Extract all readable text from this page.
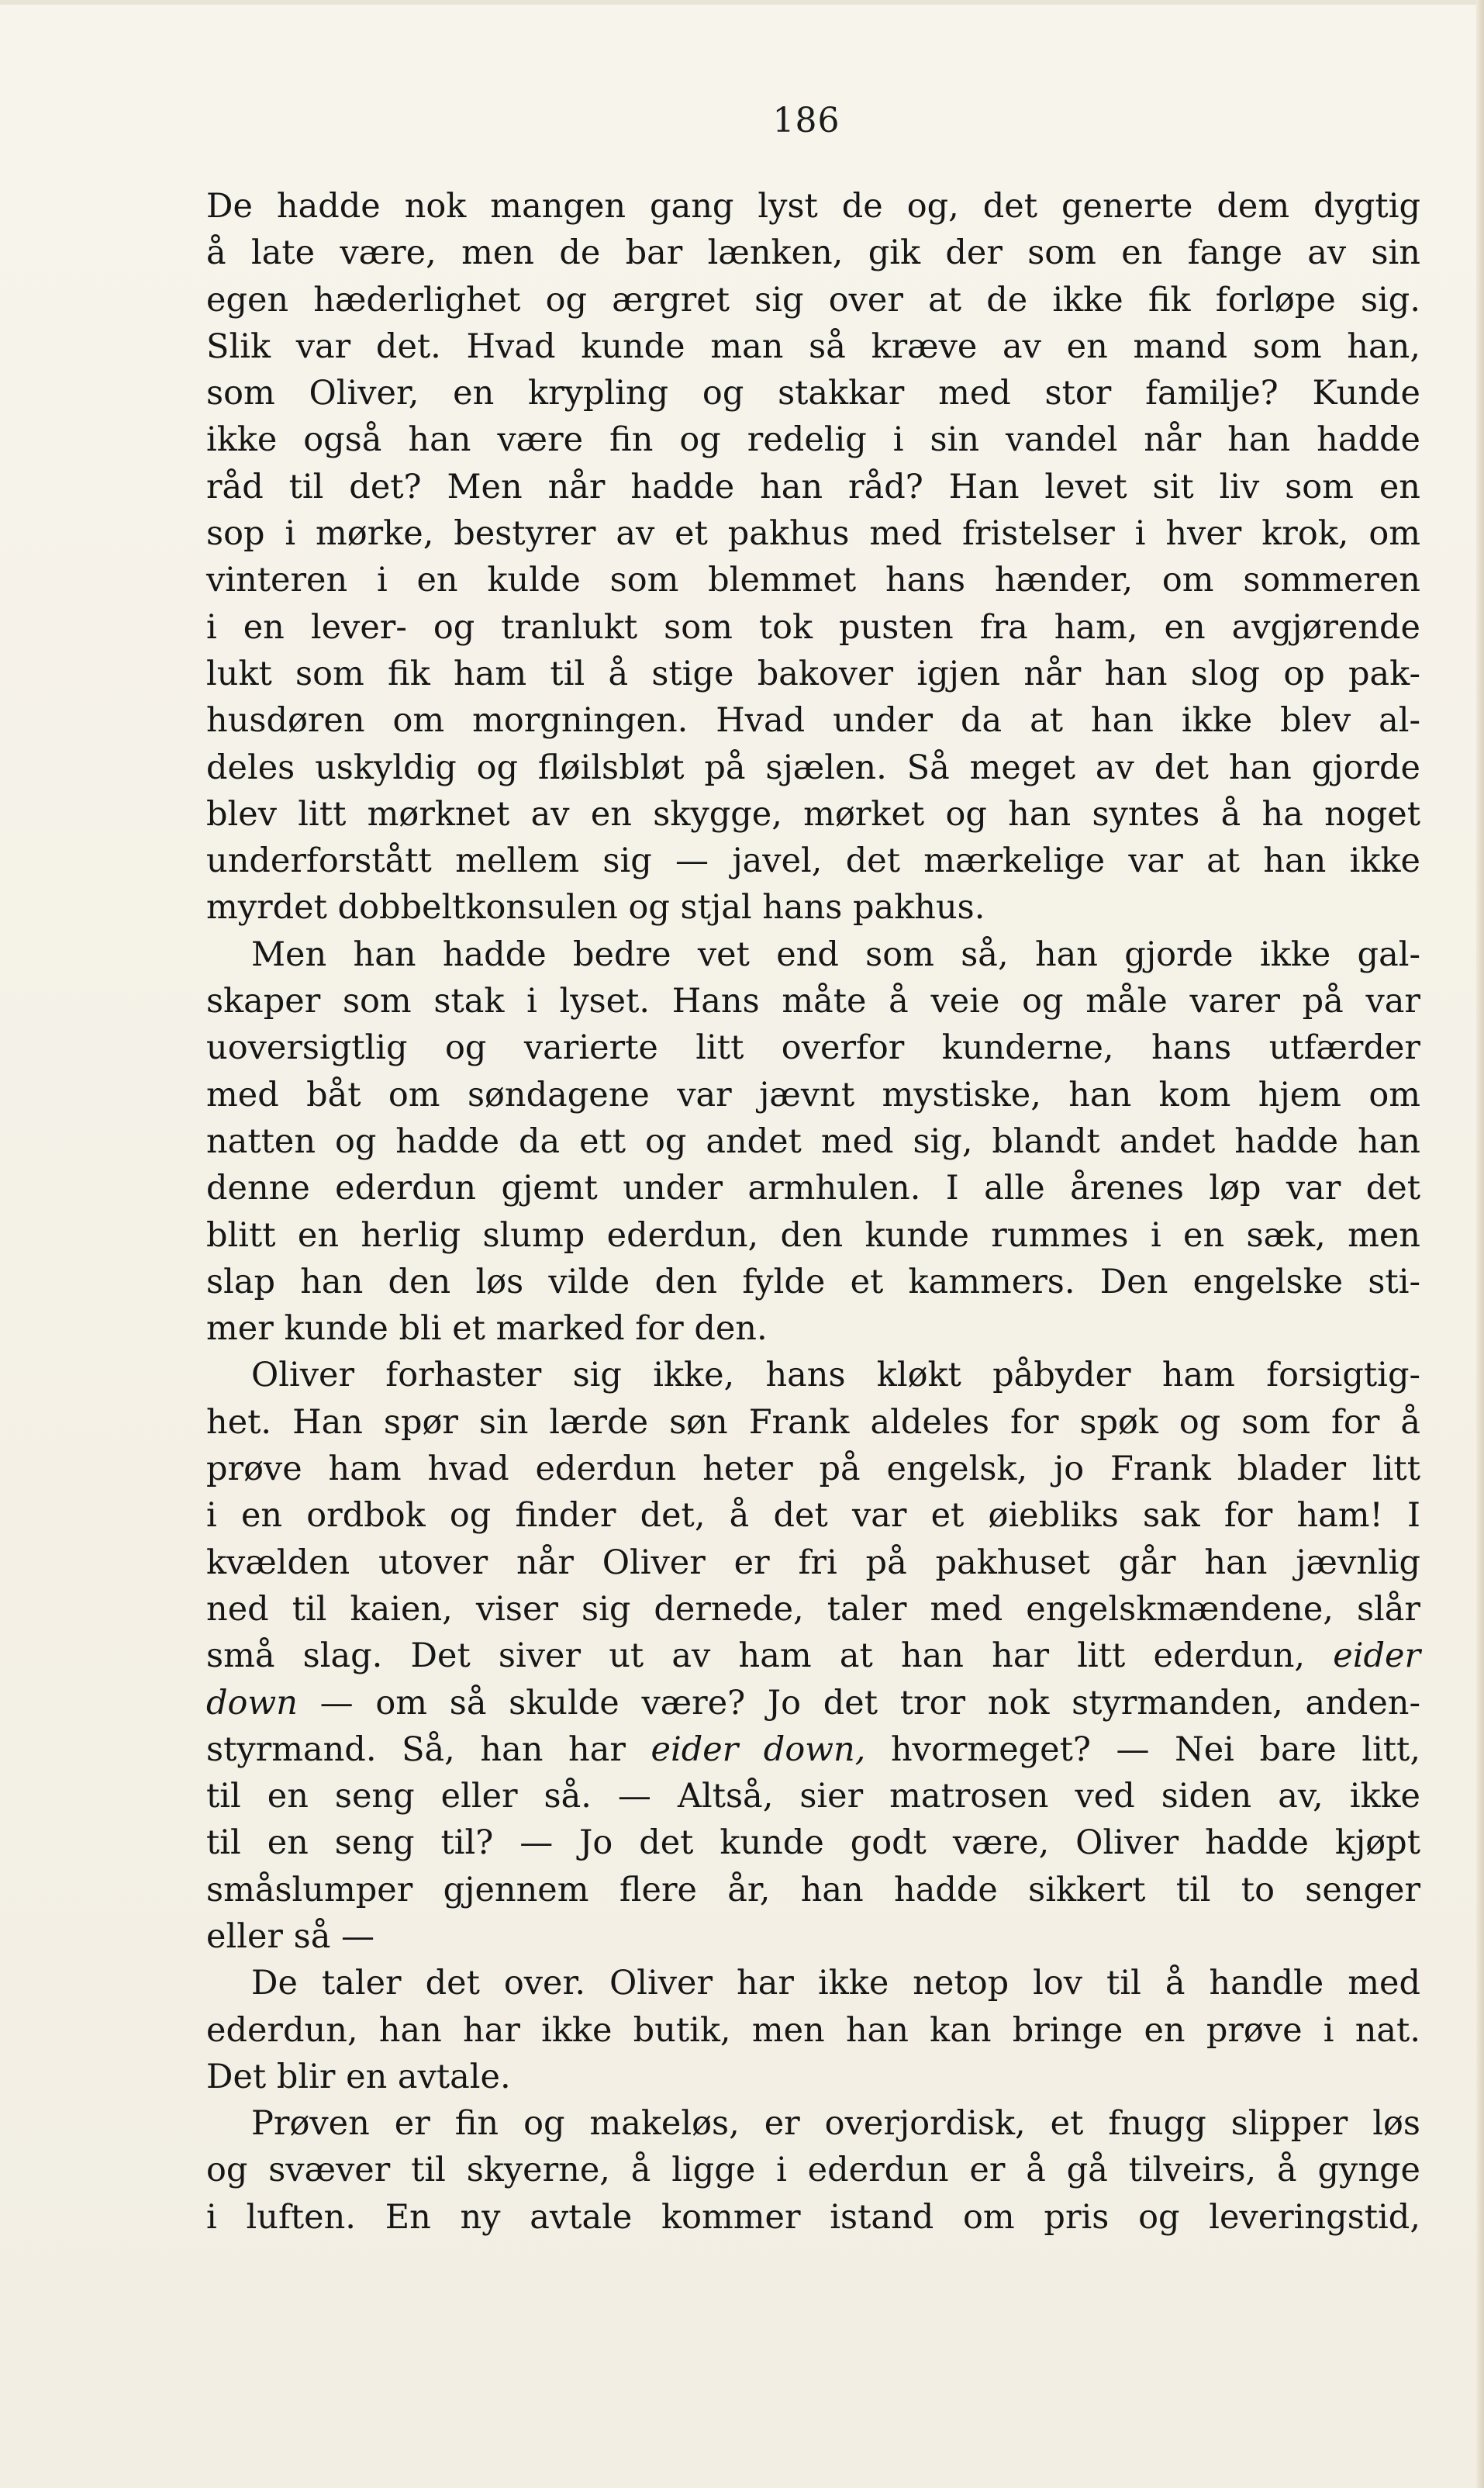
186
De hadde nok mangen gang lyst de og, det generte dem dygtig
å late være, men de bar lænken, gik der som en fange av sin
egen hæderlighet og ærgret sig over at de ikke fik forløpe sig.
Slik var det. Hvad kunde man så kræve av en mand som han,
som Oliver, en krypling og stakkar med stor familje? Kunde
ikke også han være fin og redelig i sin vandel når han hadde
råd til det? Men når hadde han råd? Han levet sit liv som en
sop i mørke, bestyrer av et pakhus med fristelser i hver krok, om
vinteren i en kulde som blemmet hans hænder, om sommeren
i en lever- og tranlukt som tok pusten fra ham, en avgjørende
lukt som fik ham til å stige bakover igjen når han slog op pak-
husdøren om morgningen. Hvad under da at han ikke blev al-
deles uskyldig og fløilsbløt på sjælen. Så meget av det han gjorde
blev litt mørknet av en skygge, mørket og han syntes å ha noget
underforstått mellem sig — javel, det mærkelige var at han ikke
myrdet dobbeltkonsulen og stjal hans pakhus.
Men han hadde bedre vet end som så, han gjorde ikke gal-
skaper som stak i lyset. Hans måte å veie og måle varer på var
uoversigtlig og varierte litt overfor kunderne, hans utfærder
med båt om søndagene var jævnt mystiske, han kom hjem om
natten og hadde da ett og andet med sig, blandt andet hadde han
denne ederdun gjemt under armhulen. I alle årenes løp var det
blitt en herlig slump ederdun, den kunde rummes i en sæk, men
slap han den løs vilde den fylde et kammers. Den engelske sti-
mer kunde bli et marked for den.
Oliver forhaster sig ikke, hans kløkt påbyder ham forsigtig-
het. Han spør sin lærde søn Frank aldeles for spøk og som for å
prøve ham hvad ederdun heter på engelsk, jo Frank blader litt
i en ordbok og finder det, å det var et øiebliks sak for ham! I
kvælden utover når Oliver er fri på pakhuset går han jævnlig
ned til kaien, viser sig dernede, taler med engelskmændene, slår
små slag. Det siver ut av ham at han har litt ederdun, eider
down — om så skulde være? Jo det tror nok styrmanden, anden-
styrmand. Så, han har eider down, hvormeget? — Nei bare litt,
til en seng eller så. — Altså, sier matrosen ved siden av, ikke
til en seng til? — Jo det kunde godt være, Oliver hadde kjøpt
småslumper gjennem flere år, han hadde sikkert til to senger
eller så —
De taler det over. Oliver har ikke netop lov til å handle med
ederdun, han har ikke butik, men han kan bringe en prøve i nat.
Det blir en avtale.
Prøven er fin og makeløs, er overjordisk, et fnugg slipper løs
og svæver til skyerne, å ligge i ederdun er å gå tilveirs, å gynge
i luften. En ny avtale kommer istand om pris og leveringstid,
